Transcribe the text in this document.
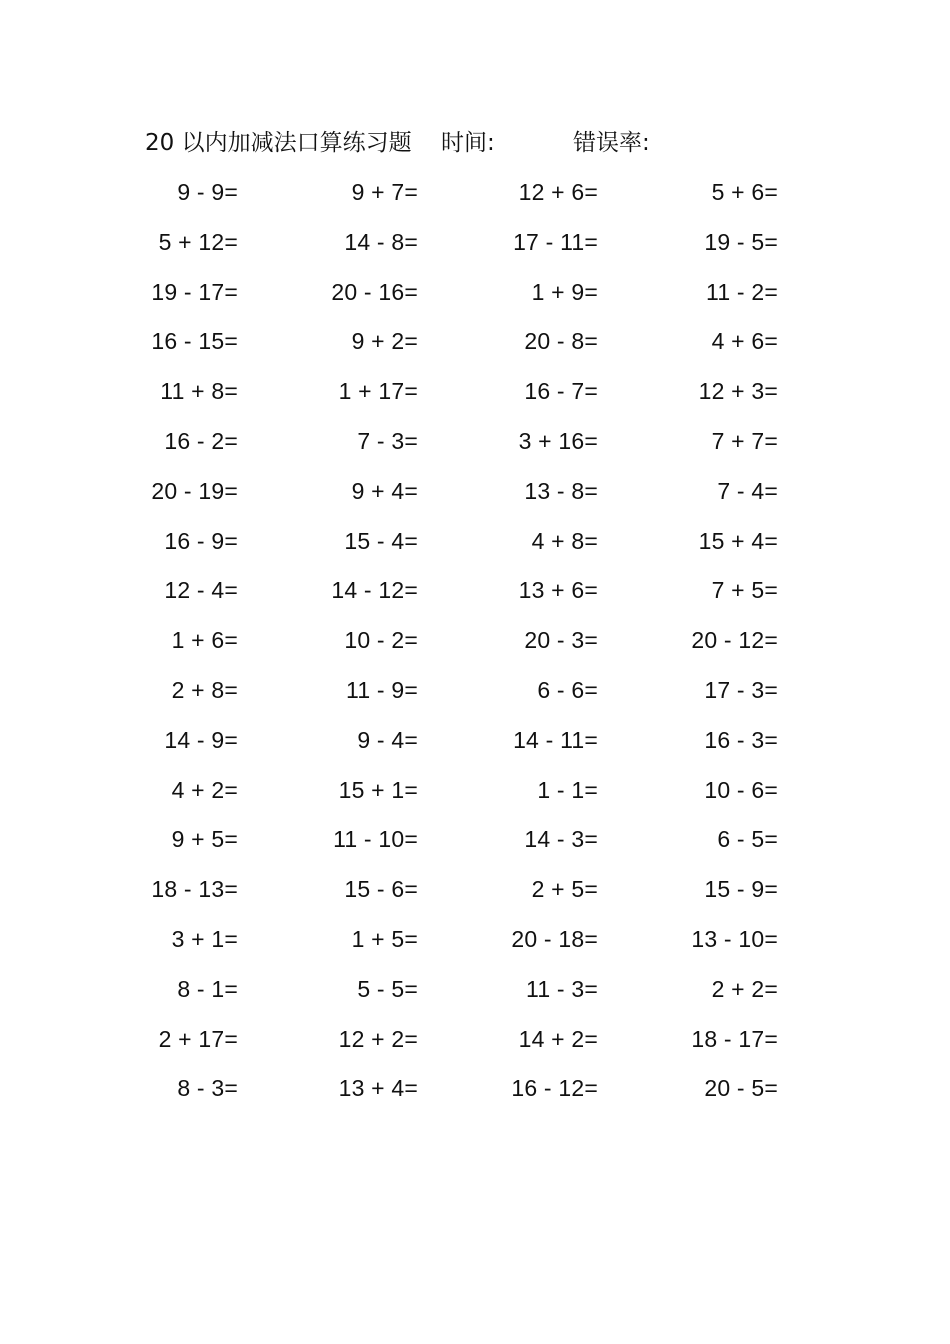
20 以内加减法口算练习题 时间:	错误率:
9 - 9=	9 + 7=	12 + 6=	5 + 6=
5 + 12=	14 - 8=	17 - 11=	19 - 5=
19 - 17=	20 - 16=	1 + 9=	11 - 2=
16 - 15=	9 + 2=	20 - 8=	4 + 6=
11 + 8=	1 + 17=	16 - 7=	12 + 3=
16 - 2=	7 - 3=	3 + 16=	7 + 7=
20 - 19=	9 + 4=	13 - 8=	7 - 4=
16 - 9=	15 - 4=	4 + 8=	15 + 4=
12 - 4=	14 - 12=	13 + 6=	7 + 5=
1 + 6=	10 - 2=	20 - 3=	20 - 12=
2 + 8=	11 - 9=	6 - 6=	17 - 3=
14 - 9=	9 - 4=	14 - 11=	16 - 3=
4 + 2=	15 + 1=	1 - 1=	10 - 6=
9 + 5=	11 - 10=	14 - 3=	6 - 5=
18 - 13=	15 - 6=	2 + 5=	15 - 9=
3 + 1=	1 + 5=	20 - 18=	13 - 10=
8 - 1=	5 - 5=	11 - 3=	2 + 2=
2 + 17=	12 + 2=	14 + 2=	18 - 17=
8 - 3=	13 + 4=	16 - 12=	20 - 5=
